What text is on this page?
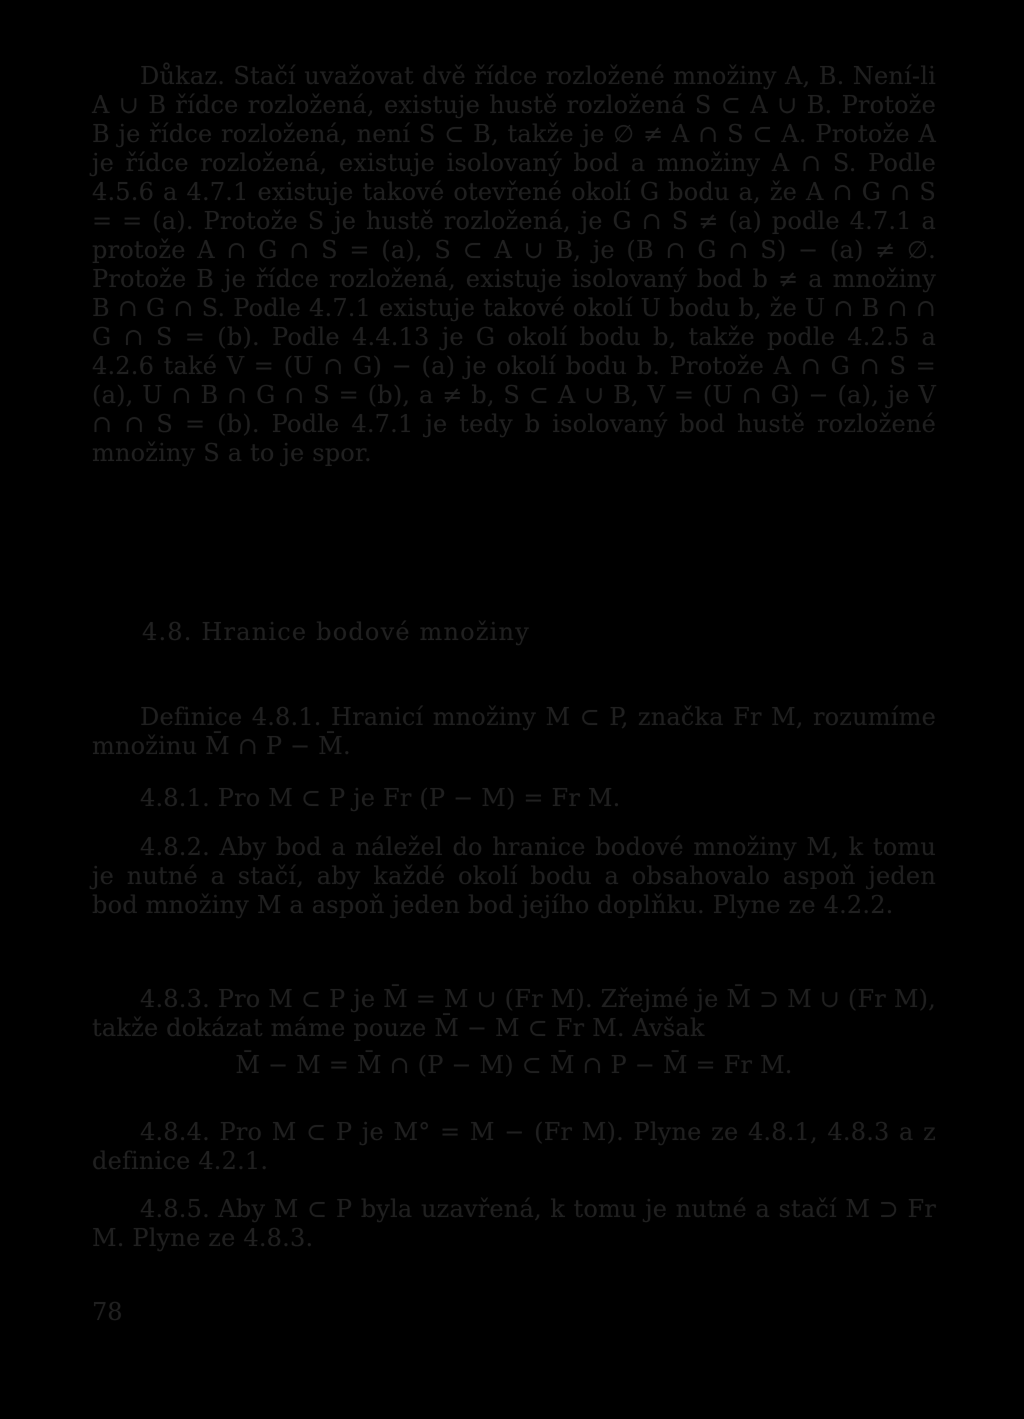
Důkaz. Stačí uvažovat dvě řídce rozložené množiny A, B. Není-li A ∪ B řídce rozložená, existuje hustě rozložená S ⊂ A ∪ B. Protože B je řídce rozložená, není S ⊂ B, takže je ∅ ≠ A ∩ S ⊂ A. Protože A je řídce rozložená, existuje isolovaný bod a množiny A ∩ S. Podle 4.5.6 a 4.7.1 existuje takové otevřené okolí G bodu a, že A ∩ G ∩ S = = (a). Protože S je hustě rozložená, je G ∩ S ≠ (a) podle 4.7.1 a protože A ∩ G ∩ S = (a), S ⊂ A ∪ B, je (B ∩ G ∩ S) − (a) ≠ ∅. Protože B je řídce rozložená, existuje isolovaný bod b ≠ a množiny B ∩ G ∩ S. Podle 4.7.1 existuje takové okolí U bodu b, že U ∩ B ∩ ∩ G ∩ S = (b). Podle 4.4.13 je G okolí bodu b, takže podle 4.2.5 a 4.2.6 také V = (U ∩ G) − (a) je okolí bodu b. Protože A ∩ G ∩ S = (a), U ∩ B ∩ G ∩ S = (b), a ≠ b, S ⊂ A ∪ B, V = (U ∩ G) − (a), je V ∩ ∩ S = (b). Podle 4.7.1 je tedy b isolovaný bod hustě rozložené množiny S a to je spor.

4.8. Hranice bodové množiny

Definice 4.8.1. Hranicí množiny M ⊂ P, značka Fr M, rozumíme množinu M̄ ∩ P − M̄.

4.8.1. Pro M ⊂ P je Fr (P − M) = Fr M.

4.8.2. Aby bod a náležel do hranice bodové množiny M, k tomu je nutné a stačí, aby každé okolí bodu a obsahovalo aspoň jeden bod množiny M a aspoň jeden bod jejího doplňku. Plyne ze 4.2.2.

4.8.3. Pro M ⊂ P je M̄ = M ∪ (Fr M). Zřejmé je M̄ ⊃ M ∪ (Fr M), takže dokázat máme pouze M̄ − M ⊂ Fr M. Avšak

M̄ − M = M̄ ∩ (P − M) ⊂ M̄ ∩ P − M̄ = Fr M.

4.8.4. Pro M ⊂ P je M° = M − (Fr M). Plyne ze 4.8.1, 4.8.3 a z definice 4.2.1.

4.8.5. Aby M ⊂ P byla uzavřená, k tomu je nutné a stačí M ⊃ Fr M. Plyne ze 4.8.3.

78
